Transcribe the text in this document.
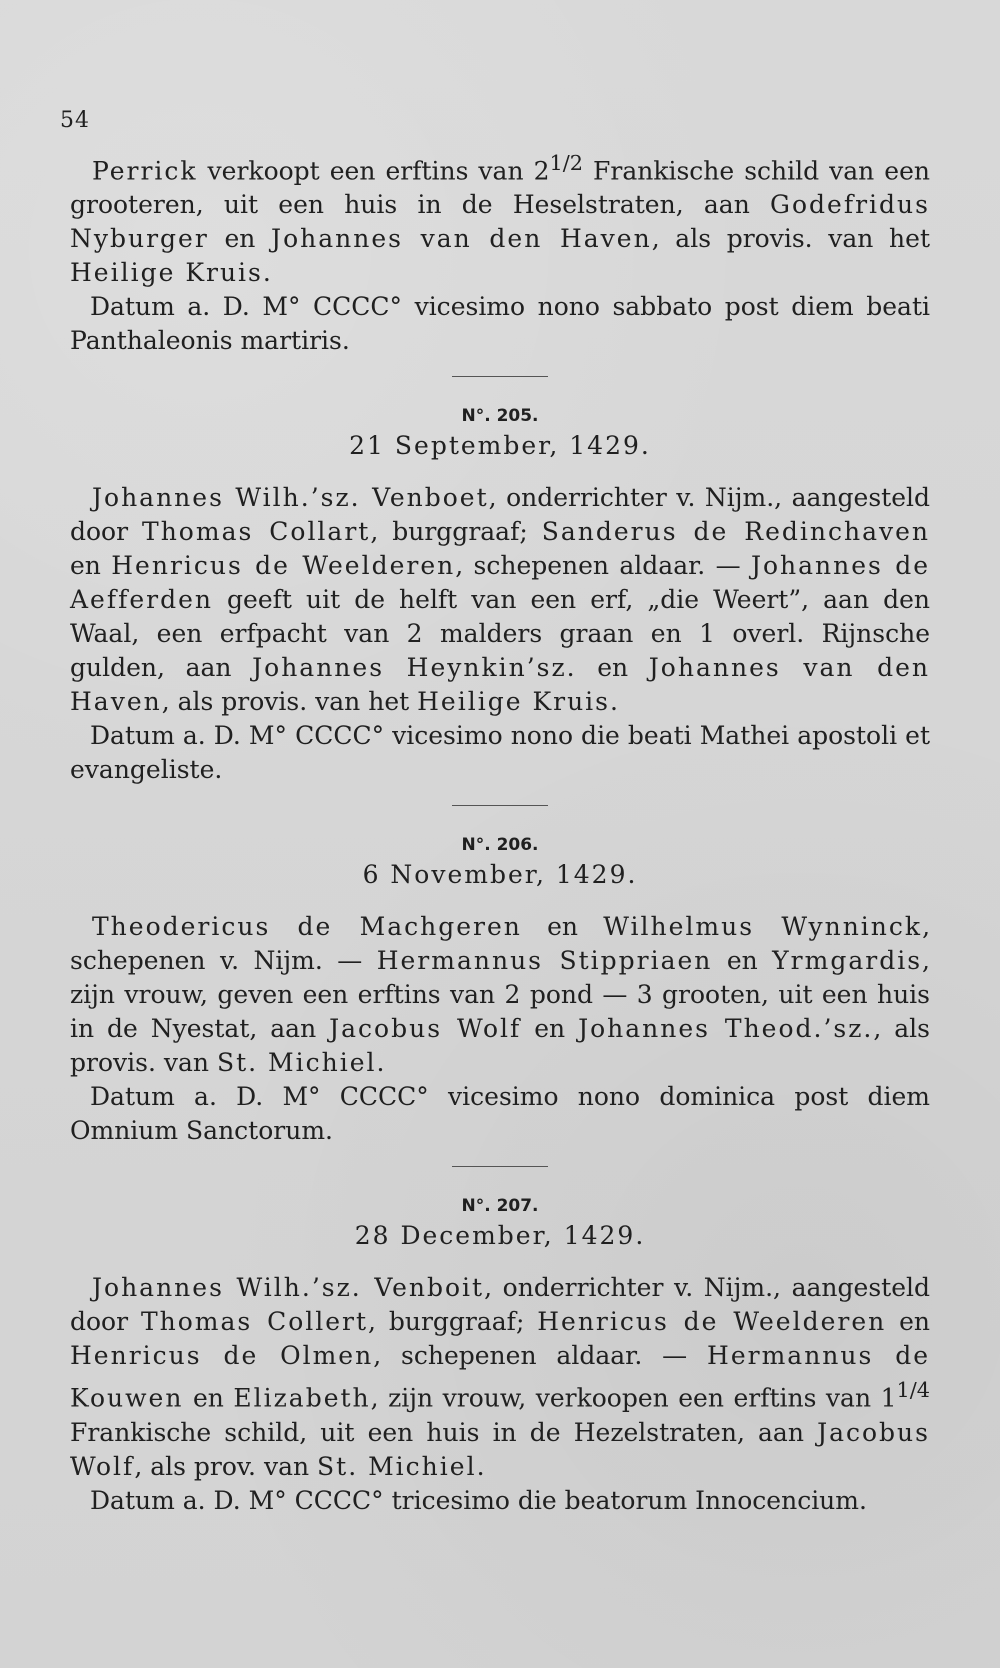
54

Perrick verkoopt een erftins van $2^{1/2}$ Frankische schild van een grooteren, uit een huis in de Heselstraten, aan Godefridus Nyburger en Johannes van den Haven, als provis. van het Heilige Kruis.

Datum a. D. M° CCCC° vicesimo nono sabbato post diem beati Panthaleonis martiris.

N°. 205.
21 September, 1429.

Johannes Wilh.’sz. Venboet, onderrichter v. Nijm., aangesteld door Thomas Collart, burggraaf; Sanderus de Redinchaven en Henricus de Weelderen, schepenen aldaar. — Johannes de Aefferden geeft uit de helft van een erf, „die Weert”, aan den Waal, een erfpacht van 2 malders graan en 1 overl. Rijnsche gulden, aan Johannes Heynkin’sz. en Johannes van den Haven, als provis. van het Heilige Kruis.

Datum a. D. M° CCCC° vicesimo nono die beati Mathei apostoli et evangeliste.

N°. 206.
6 November, 1429.

Theodericus de Machgeren en Wilhelmus Wynninck, schepenen v. Nijm. — Hermannus Stippriaen en Yrmgardis, zijn vrouw, geven een erftins van 2 pond — 3 grooten, uit een huis in de Nyestat, aan Jacobus Wolf en Johannes Theod.’sz., als provis. van St. Michiel.

Datum a. D. M° CCCC° vicesimo nono dominica post diem Omnium Sanctorum.

N°. 207.
28 December, 1429.

Johannes Wilh.’sz. Venboit, onderrichter v. Nijm., aangesteld door Thomas Collert, burggraaf; Henricus de Weelderen en Henricus de Olmen, schepenen aldaar. — Hermannus de Kouwen en Elizabeth, zijn vrouw, verkoopen een erftins van $1^{1/4}$ Frankische schild, uit een huis in de Hezelstraten, aan Jacobus Wolf, als prov. van St. Michiel.

Datum a. D. M° CCCC° tricesimo die beatorum Innocencium.
